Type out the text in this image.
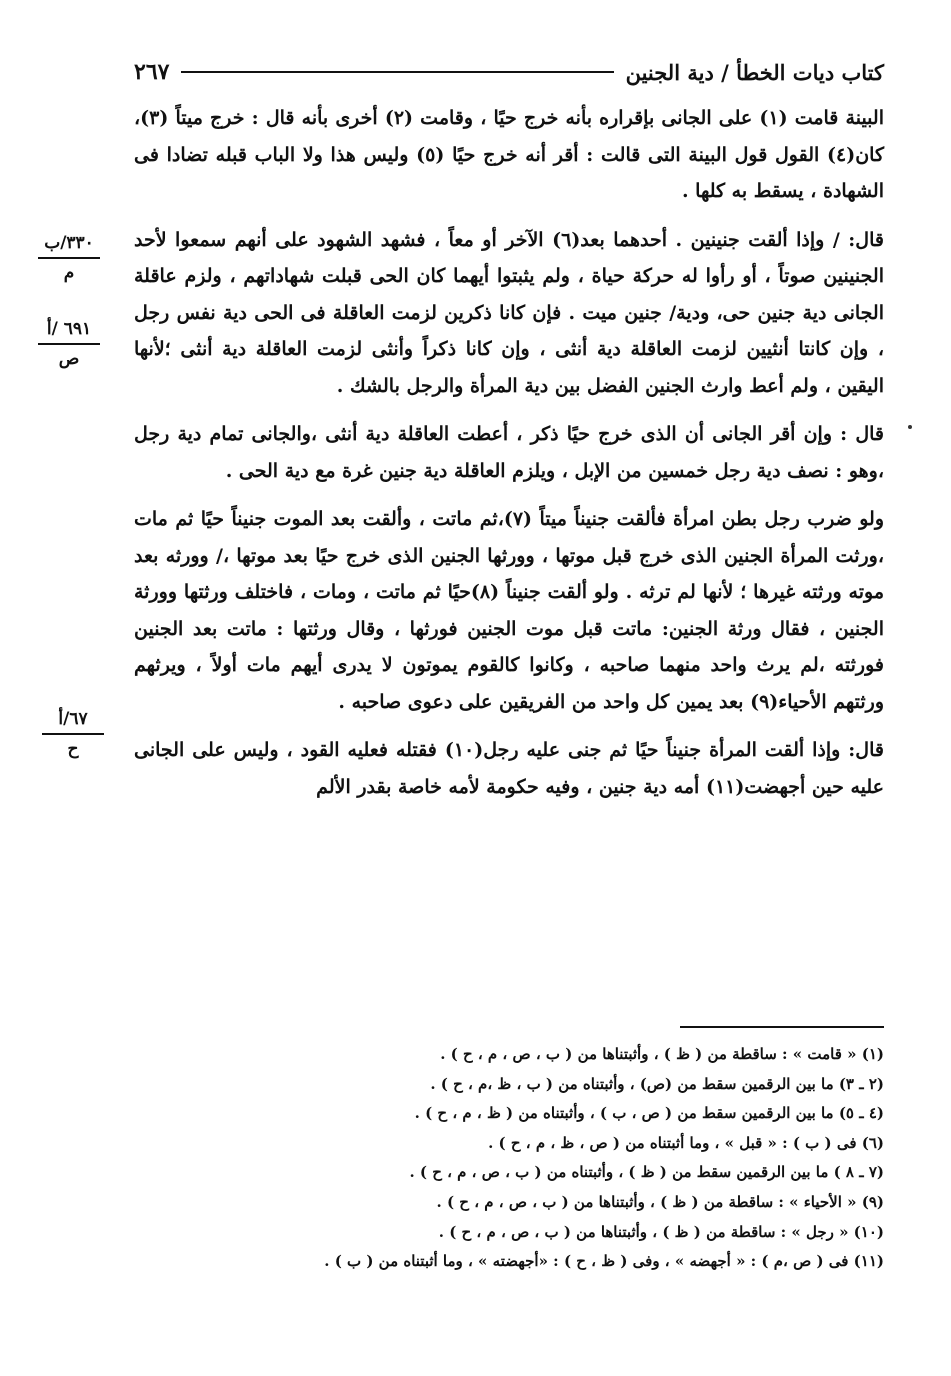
كتاب ديات الخطأ / دية الجنين
٢٦٧

البينة قامت (١) على الجانى بإقراره بأنه خرج حيًا ، وقامت (٢) أخرى بأنه قال : خرج ميتاً (٣)، كان(٤) القول قول البينة التى قالت : أقر أنه خرج حيًا (٥) وليس هذا ولا الباب قبله تضادا فى الشهادة ، يسقط به كلها .

قال: / وإذا ألقت جنينين . أحدهما بعد(٦) الآخر أو معاً ، فشهد الشهود على أنهم سمعوا لأحد الجنينين صوتاً ، أو رأوا له حركة حياة ، ولم يثبتوا أيهما كان الحى قبلت شهاداتهم ، ولزم عاقلة الجانى دية جنين حى، ودية/ جنين ميت . فإن كانا ذكرين لزمت العاقلة فى الحى دية نفس رجل ، وإن كانتا أنثيين لزمت العاقلة دية أنثى ، وإن كانا ذكراً وأنثى لزمت العاقلة دية أنثى ؛لأنها اليقين ، ولم أعط وارث الجنين الفضل بين دية المرأة والرجل بالشك .

قال : وإن أقر الجانى أن الذى خرج حيًا ذكر ، أعطت العاقلة دية أنثى ،والجانى تمام دية رجل ،وهو : نصف دية رجل خمسين من الإبل ، ويلزم العاقلة دية جنين غرة مع دية الحى .

ولو ضرب رجل بطن امرأة فألقت جنيناً ميتاً (٧)،ثم ماتت ، وألقت بعد الموت جنيناً حيًا ثم مات ،ورثت المرأة الجنين الذى خرج قبل موتها ، وورثها الجنين الذى خرج حيًا بعد موتها ،/ وورثه بعد موته ورثته غيرها ؛ لأنها لم ترثه . ولو ألقت جنيناً (٨)حيًا ثم ماتت ، ومات ، فاختلف ورثتها وورثة الجنين ، فقال ورثة الجنين: ماتت قبل موت الجنين فورثها ، وقال ورثتها : ماتت بعد الجنين فورثته ،لم يرث واحد منهما صاحبه ، وكانوا كالقوم يموتون لا يدرى أيهم مات أولاً ، ويرثهم ورثتهم الأحياء(٩) بعد يمين كل واحد من الفريقين على دعوى صاحبه .

قال: وإذا ألقت المرأة جنيناً حيًا ثم جنى عليه رجل(١٠) فقتله فعليه القود ، وليس على الجانى عليه حين أجهضت(١١) أمه دية جنين ، وفيه حكومة لأمه خاصة بقدر الألم

٣٣٠/ب
م
٦٩١ /أ
ص
٦٧/أ
ح
(١) « قامت » : ساقطة من ( ظ ) ، وأثبتناها من ( ب ، ص ، م ، ح ) .
(٢ ـ ٣) ما بين الرقمين سقط من (ص) ، وأثبتناه من ( ب ، ظ ،م ، ح ) .
(٤ ـ ٥) ما بين الرقمين سقط من ( ص ، ب ) ، وأثبتناه من ( ظ ، م ، ح ) .
(٦) فى ( ب ) : « قبل » ، وما أثبتناه من ( ص ، ظ ، م ، ح ) .
(٧ ـ ٨ ) ما بين الرقمين سقط من ( ظ ) ، وأثبتناه من ( ب ، ص ، م ، ح ) .
(٩) « الأحياء » : ساقطة من ( ظ ) ، وأثبتناها من ( ب ، ص ، م ، ح ) .
(١٠) « رجل » : ساقطة من ( ظ ) ، وأثبتناها من ( ب ، ص ، م ، ح ) .
(١١) فى ( ص ،م ) : « أجهضه » ، وفى ( ظ ، ح ) : «أجهضته » ، وما أثبتناه من ( ب ) .
